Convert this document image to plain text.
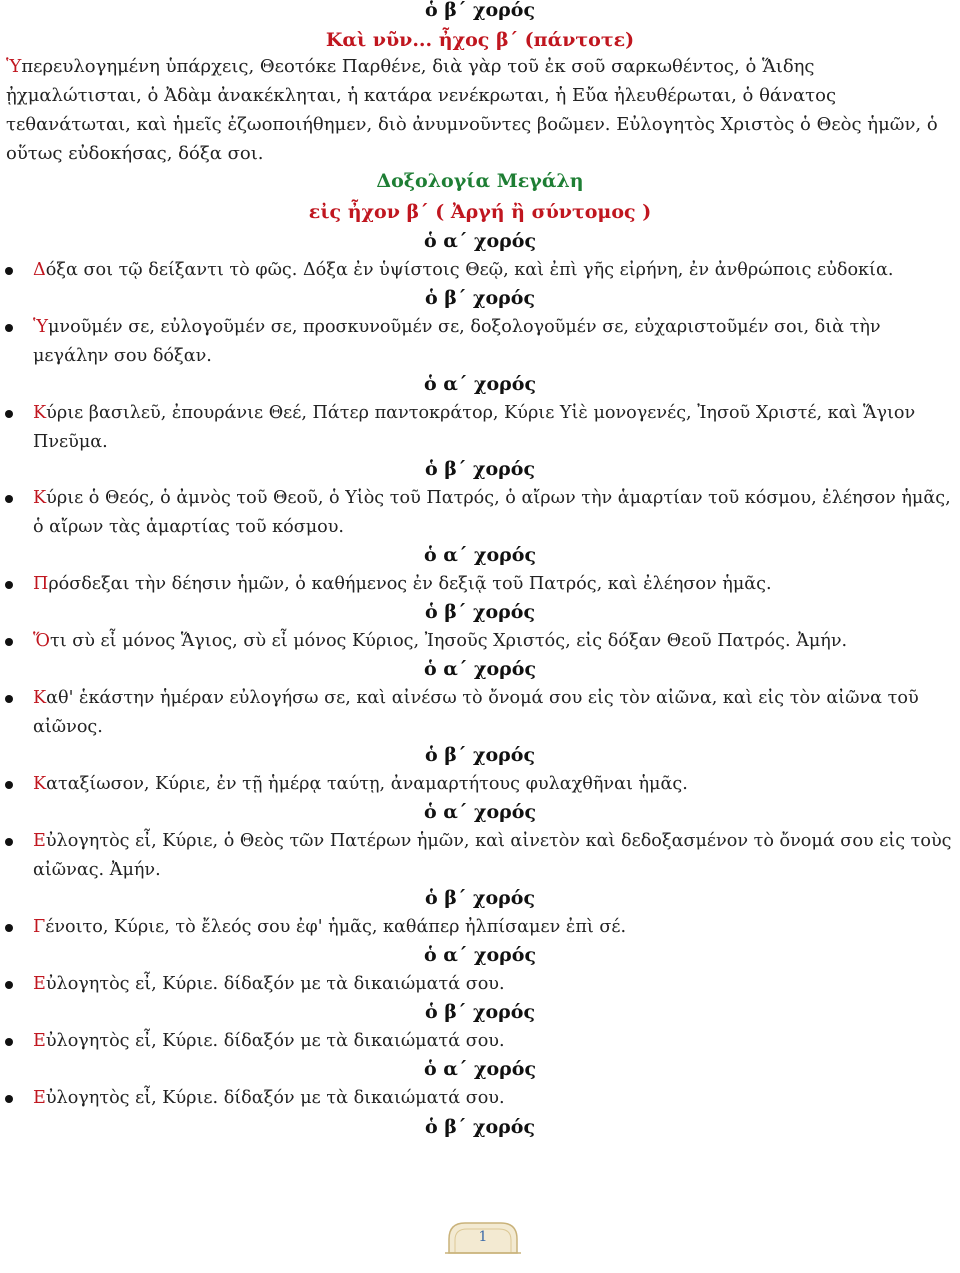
ὁ β΄ χορός
Καὶ νῦν... ἦχος β΄ (πάντοτε)
Ὑπερευλογημένη ὑπάρχεις, Θεοτόκε Παρθένε, διὰ γὰρ τοῦ ἐκ σοῦ σαρκωθέντος, ὁ Ἅιδης ᾐχμαλώτισται, ὁ Ἀδὰμ ἀνακέκληται, ἡ κατάρα νενέκρωται, ἡ Εὔα ἠλευθέρωται, ὁ θάνατος τεθανάτωται, καὶ ἡμεῖς ἐζωοποιήθημεν, διὸ ἀνυμνοῦντες βοῶμεν. Εὐλογητὸς Χριστὸς ὁ Θεὸς ἡμῶν, ὁ οὕτως εὐδοκήσας, δόξα σοι.
Δοξολογία Μεγάλη
εἰς ἦχον β΄ ( Ἀργή ἢ σύντομος )
ὁ α΄ χορός
Δόξα σοι τῷ δείξαντι τὸ φῶς. Δόξα ἐν ὑψίστοις Θεῷ, καὶ ἐπὶ γῆς εἰρήνη, ἐν ἀνθρώποις εὐδοκία.
ὁ β΄ χορός
Ὑμνοῦμέν σε, εὐλογοῦμέν σε, προσκυνοῦμέν σε, δοξολογοῦμέν σε, εὐχαριστοῦμέν σοι, διὰ τὴν μεγάλην σου δόξαν.
ὁ α΄ χορός
Κύριε βασιλεῦ, ἐπουράνιε Θεέ, Πάτερ παντοκράτορ, Κύριε Υἱὲ μονογενές, Ἰησοῦ Χριστέ, καὶ Ἅγιον Πνεῦμα.
ὁ β΄ χορός
Κύριε ὁ Θεός, ὁ ἀμνὸς τοῦ Θεοῦ, ὁ Υἱὸς τοῦ Πατρός, ὁ αἴρων τὴν ἁμαρτίαν τοῦ κόσμου, ἐλέησον ἡμᾶς, ὁ αἴρων τὰς ἁμαρτίας τοῦ κόσμου.
ὁ α΄ χορός
Πρόσδεξαι τὴν δέησιν ἡμῶν, ὁ καθήμενος ἐν δεξιᾷ τοῦ Πατρός, καὶ ἐλέησον ἡμᾶς.
ὁ β΄ χορός
Ὅτι σὺ εἶ μόνος Ἅγιος, σὺ εἶ μόνος Κύριος, Ἰησοῦς Χριστός, εἰς δόξαν Θεοῦ Πατρός. Ἀμήν.
ὁ α΄ χορός
Καθ' ἑκάστην ἡμέραν εὐλογήσω σε, καὶ αἰνέσω τὸ ὄνομά σου εἰς τὸν αἰῶνα, καὶ εἰς τὸν αἰῶνα τοῦ αἰῶνος.
ὁ β΄ χορός
Καταξίωσον, Κύριε, ἐν τῇ ἡμέρᾳ ταύτῃ, ἀναμαρτήτους φυλαχθῆναι ἡμᾶς.
ὁ α΄ χορός
Εὐλογητὸς εἶ, Κύριε, ὁ Θεὸς τῶν Πατέρων ἡμῶν, καὶ αἰνετὸν καὶ δεδοξασμένον τὸ ὄνομά σου εἰς τοὺς αἰῶνας. Ἀμήν.
ὁ β΄ χορός
Γένοιτο, Κύριε, τὸ ἔλεός σου ἐφ' ἡμᾶς, καθάπερ ἠλπίσαμεν ἐπὶ σέ.
ὁ α΄ χορός
Εὐλογητὸς εἶ, Κύριε. δίδαξόν με τὰ δικαιώματά σου.
ὁ β΄ χορός
Εὐλογητὸς εἶ, Κύριε. δίδαξόν με τὰ δικαιώματά σου.
ὁ α΄ χορός
Εὐλογητὸς εἶ, Κύριε. δίδαξόν με τὰ δικαιώματά σου.
ὁ β΄ χορός
1
